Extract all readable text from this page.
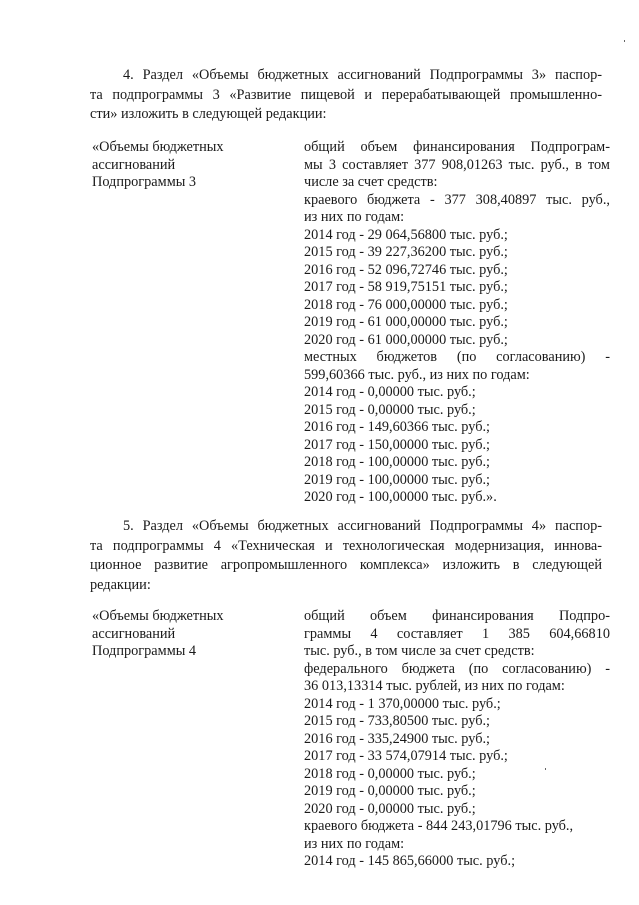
4. Раздел «Объемы бюджетных ассигнований Подпрограммы 3» паспор-
та подпрограммы 3 «Развитие пищевой и перерабатывающей промышленно-
сти» изложить в следующей редакции:
«Объемы бюджетных
ассигнований
Подпрограммы 3
общий объем финансирования Подпрограм-
мы 3 составляет 377 908,01263 тыс. руб., в том
числе за счет средств:
краевого бюджета - 377 308,40897 тыс. руб.,
из них по годам:
2014 год - 29 064,56800 тыс. руб.;
2015 год - 39 227,36200 тыс. руб.;
2016 год - 52 096,72746 тыс. руб.;
2017 год - 58 919,75151 тыс. руб.;
2018 год - 76 000,00000 тыс. руб.;
2019 год - 61 000,00000 тыс. руб.;
2020 год - 61 000,00000 тыс. руб.;
местных бюджетов (по согласованию) -
599,60366 тыс. руб., из них по годам:
2014 год - 0,00000 тыс. руб.;
2015 год - 0,00000 тыс. руб.;
2016 год - 149,60366 тыс. руб.;
2017 год - 150,00000 тыс. руб.;
2018 год - 100,00000 тыс. руб.;
2019 год - 100,00000 тыс. руб.;
2020 год - 100,00000 тыс. руб.».
5. Раздел «Объемы бюджетных ассигнований Подпрограммы 4» паспор-
та подпрограммы 4 «Техническая и технологическая модернизация, иннова-
ционное развитие агропромышленного комплекса» изложить в следующей
редакции:
«Объемы бюджетных
ассигнований
Подпрограммы 4
общий объем финансирования Подпро-
граммы 4 составляет 1 385 604,66810
тыс. руб., в том числе за счет средств:
федерального бюджета (по согласованию) -
36 013,13314 тыс. рублей, из них по годам:
2014 год - 1 370,00000 тыс. руб.;
2015 год - 733,80500 тыс. руб.;
2016 год - 335,24900 тыс. руб.;
2017 год - 33 574,07914 тыс. руб.;
2018 год - 0,00000 тыс. руб.;
2019 год - 0,00000 тыс. руб.;
2020 год - 0,00000 тыс. руб.;
краевого бюджета - 844 243,01796 тыс. руб.,
из них по годам:
2014 год - 145 865,66000 тыс. руб.;
